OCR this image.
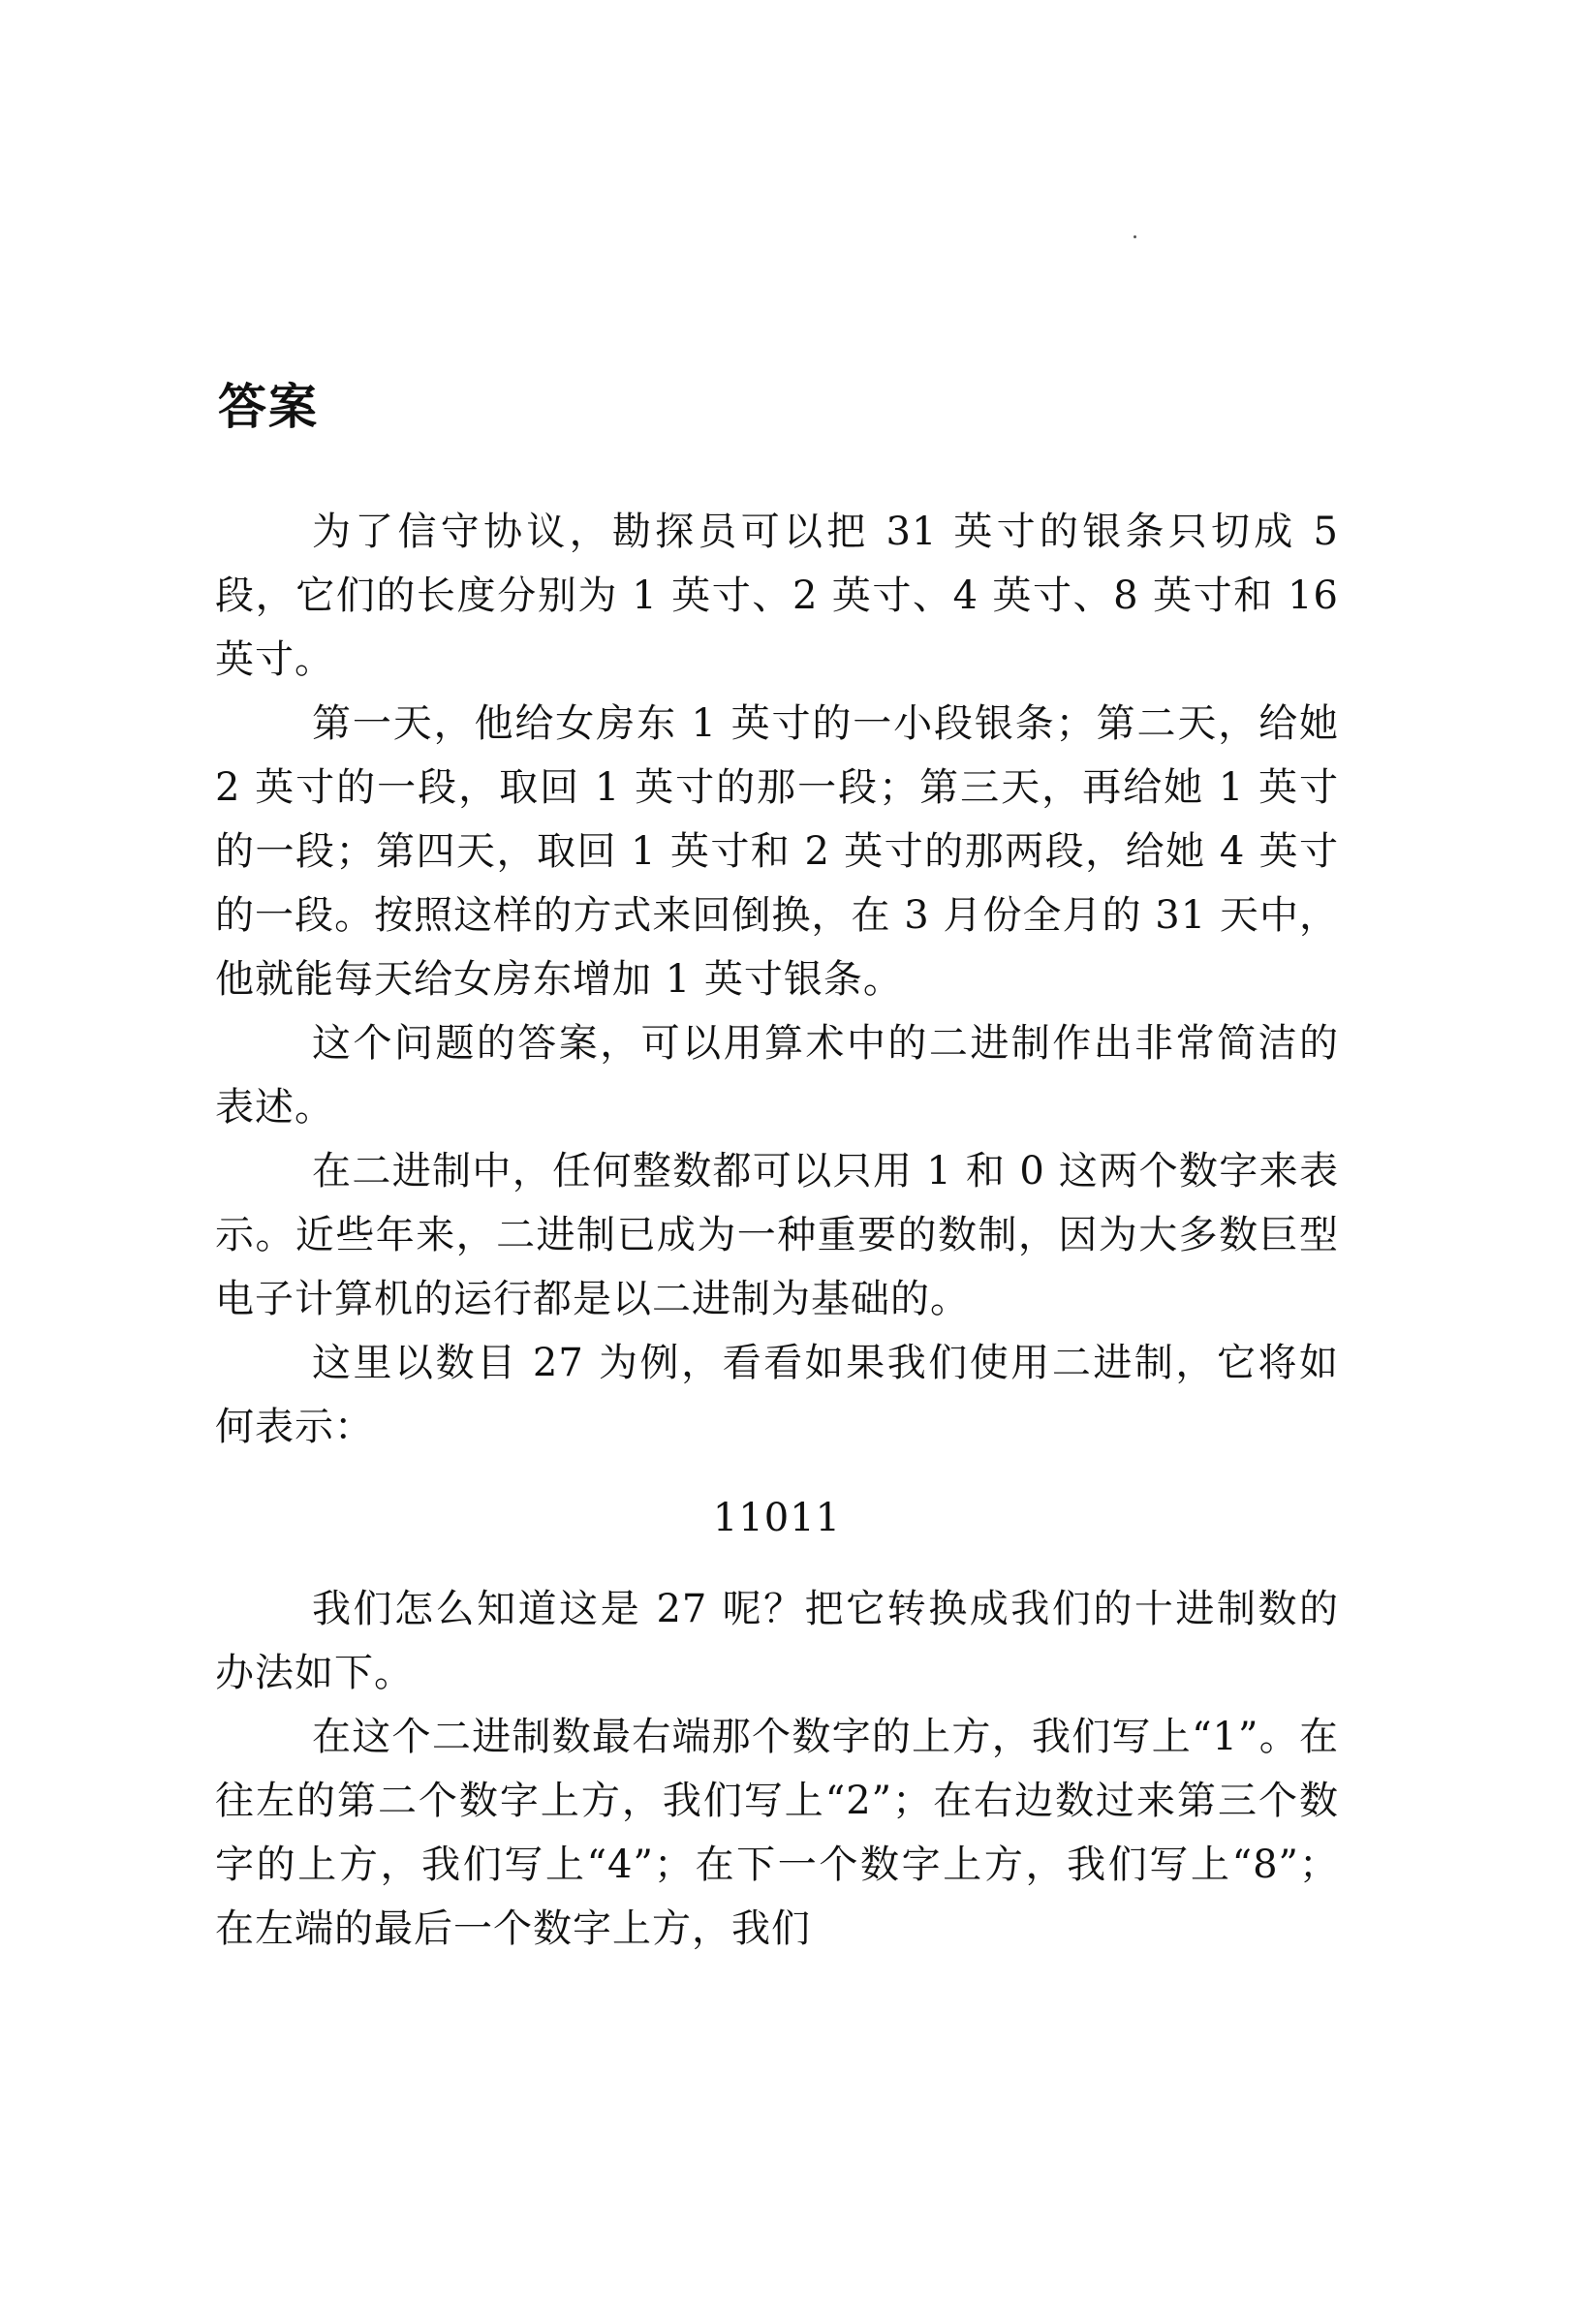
答案

为了信守协议，勘探员可以把 31 英寸的银条只切成 5 段，它们的长度分别为 1 英寸、2 英寸、4 英寸、8 英寸和 16 英寸。

第一天，他给女房东 1 英寸的一小段银条；第二天，给她 2 英寸的一段，取回 1 英寸的那一段；第三天，再给她 1 英寸的一段；第四天，取回 1 英寸和 2 英寸的那两段，给她 4 英寸的一段。按照这样的方式来回倒换，在 3 月份全月的 31 天中，他就能每天给女房东增加 1 英寸银条。

这个问题的答案，可以用算术中的二进制作出非常简洁的表述。

在二进制中，任何整数都可以只用 1 和 0 这两个数字来表示。近些年来，二进制已成为一种重要的数制，因为大多数巨型电子计算机的运行都是以二进制为基础的。

这里以数目 27 为例，看看如果我们使用二进制，它将如何表示：

11011

我们怎么知道这是 27 呢？把它转换成我们的十进制数的办法如下。

在这个二进制数最右端那个数字的上方，我们写上“1”。在往左的第二个数字上方，我们写上“2”；在右边数过来第三个数字的上方，我们写上“4”；在下一个数字上方，我们写上“8”；在左端的最后一个数字上方，我们
